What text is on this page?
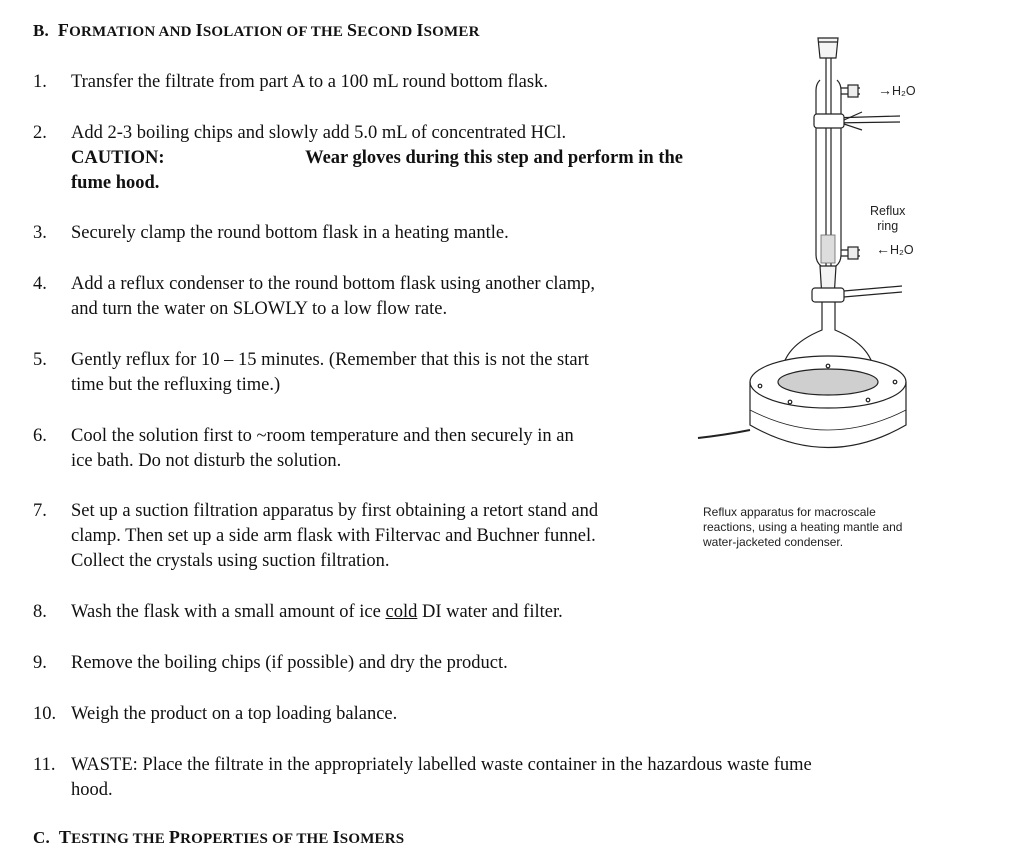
B. FORMATION AND ISOLATION OF THE SECOND ISOMER
1. Transfer the filtrate from part A to a 100 mL round bottom flask.
2. Add 2-3 boiling chips and slowly add 5.0 mL of concentrated HCl.
CAUTION:	Wear gloves during this step and perform in the
fume hood.
3. Securely clamp the round bottom flask in a heating mantle.
4. Add a reflux condenser to the round bottom flask using another clamp,
and turn the water on SLOWLY to a low flow rate.
5. Gently reflux for 10 – 15 minutes. (Remember that this is not the start
time but the refluxing time.)
6. Cool the solution first to ~room temperature and then securely in an
ice bath. Do not disturb the solution.
7. Set up a suction filtration apparatus by first obtaining a retort stand and
clamp. Then set up a side arm flask with Filtervac and Buchner funnel.
Collect the crystals using suction filtration.
8. Wash the flask with a small amount of ice cold DI water and filter.
9. Remove the boiling chips (if possible) and dry the product.
10. Weigh the product on a top loading balance.
11. WASTE: Place the filtrate in the appropriately labelled waste container in the hazardous waste fume
hood.
C. TESTING THE PROPERTIES OF THE ISOMERS
→H₂O
Reflux
ring
←H₂O
Reflux apparatus for macroscale
reactions, using a heating mantle and
water-jacketed condenser.
